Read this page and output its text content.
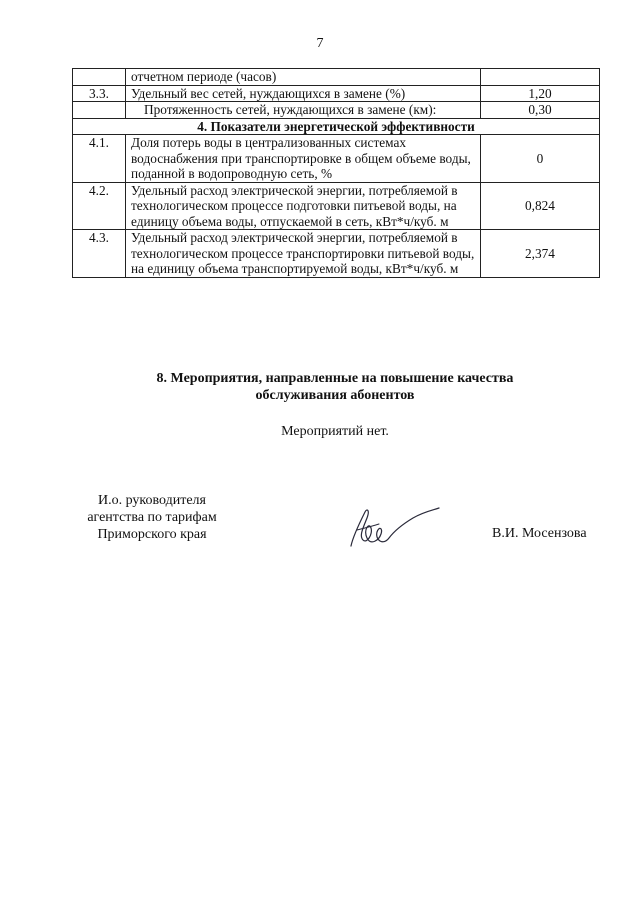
7
	отчетном периоде (часов)	
3.3.	Удельный вес сетей, нуждающихся в замене (%)	1,20
	Протяженность сетей, нуждающихся в замене (км):	0,30
4. Показатели энергетической эффективности		
4.1.	Доля потерь воды в централизованных системах водоснабжения при транспортировке в общем объеме воды, поданной в водопроводную сеть, %	0
4.2.	Удельный расход электрической энергии, потребляемой в технологическом процессе подготовки питьевой воды, на единицу объема воды, отпускаемой в сеть, кВт*ч/куб. м	0,824
4.3.	Удельный расход электрической энергии, потребляемой в технологическом процессе транспортировки питьевой воды, на единицу объема транспортируемой воды, кВт*ч/куб. м	2,374
8. Мероприятия, направленные на повышение качества
обслуживания абонентов
Мероприятий нет.
И.о. руководителя
агентства по тарифам
Приморского края	В.И. Мосензова
